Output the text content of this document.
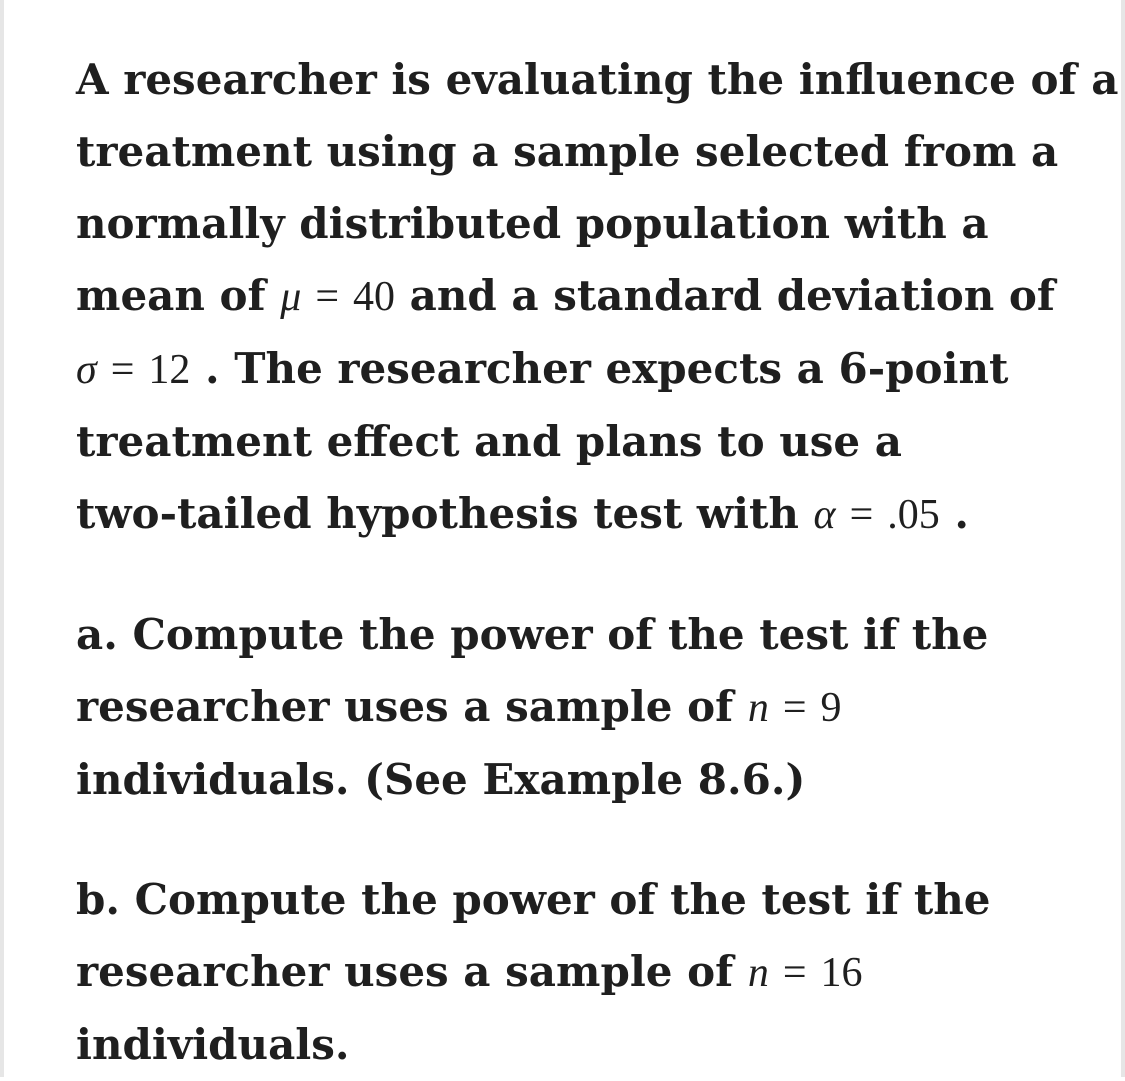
A researcher is evaluating the influence of a
treatment using a sample selected from a
normally distributed population with a
mean of μ = 40 and a standard deviation of
σ = 12 . The researcher expects a 6-point
treatment effect and plans to use a
two-tailed hypothesis test with α = .05 .

a. Compute the power of the test if the
researcher uses a sample of n = 9
individuals. (See Example 8.6.)

b. Compute the power of the test if the
researcher uses a sample of n = 16
individuals.
